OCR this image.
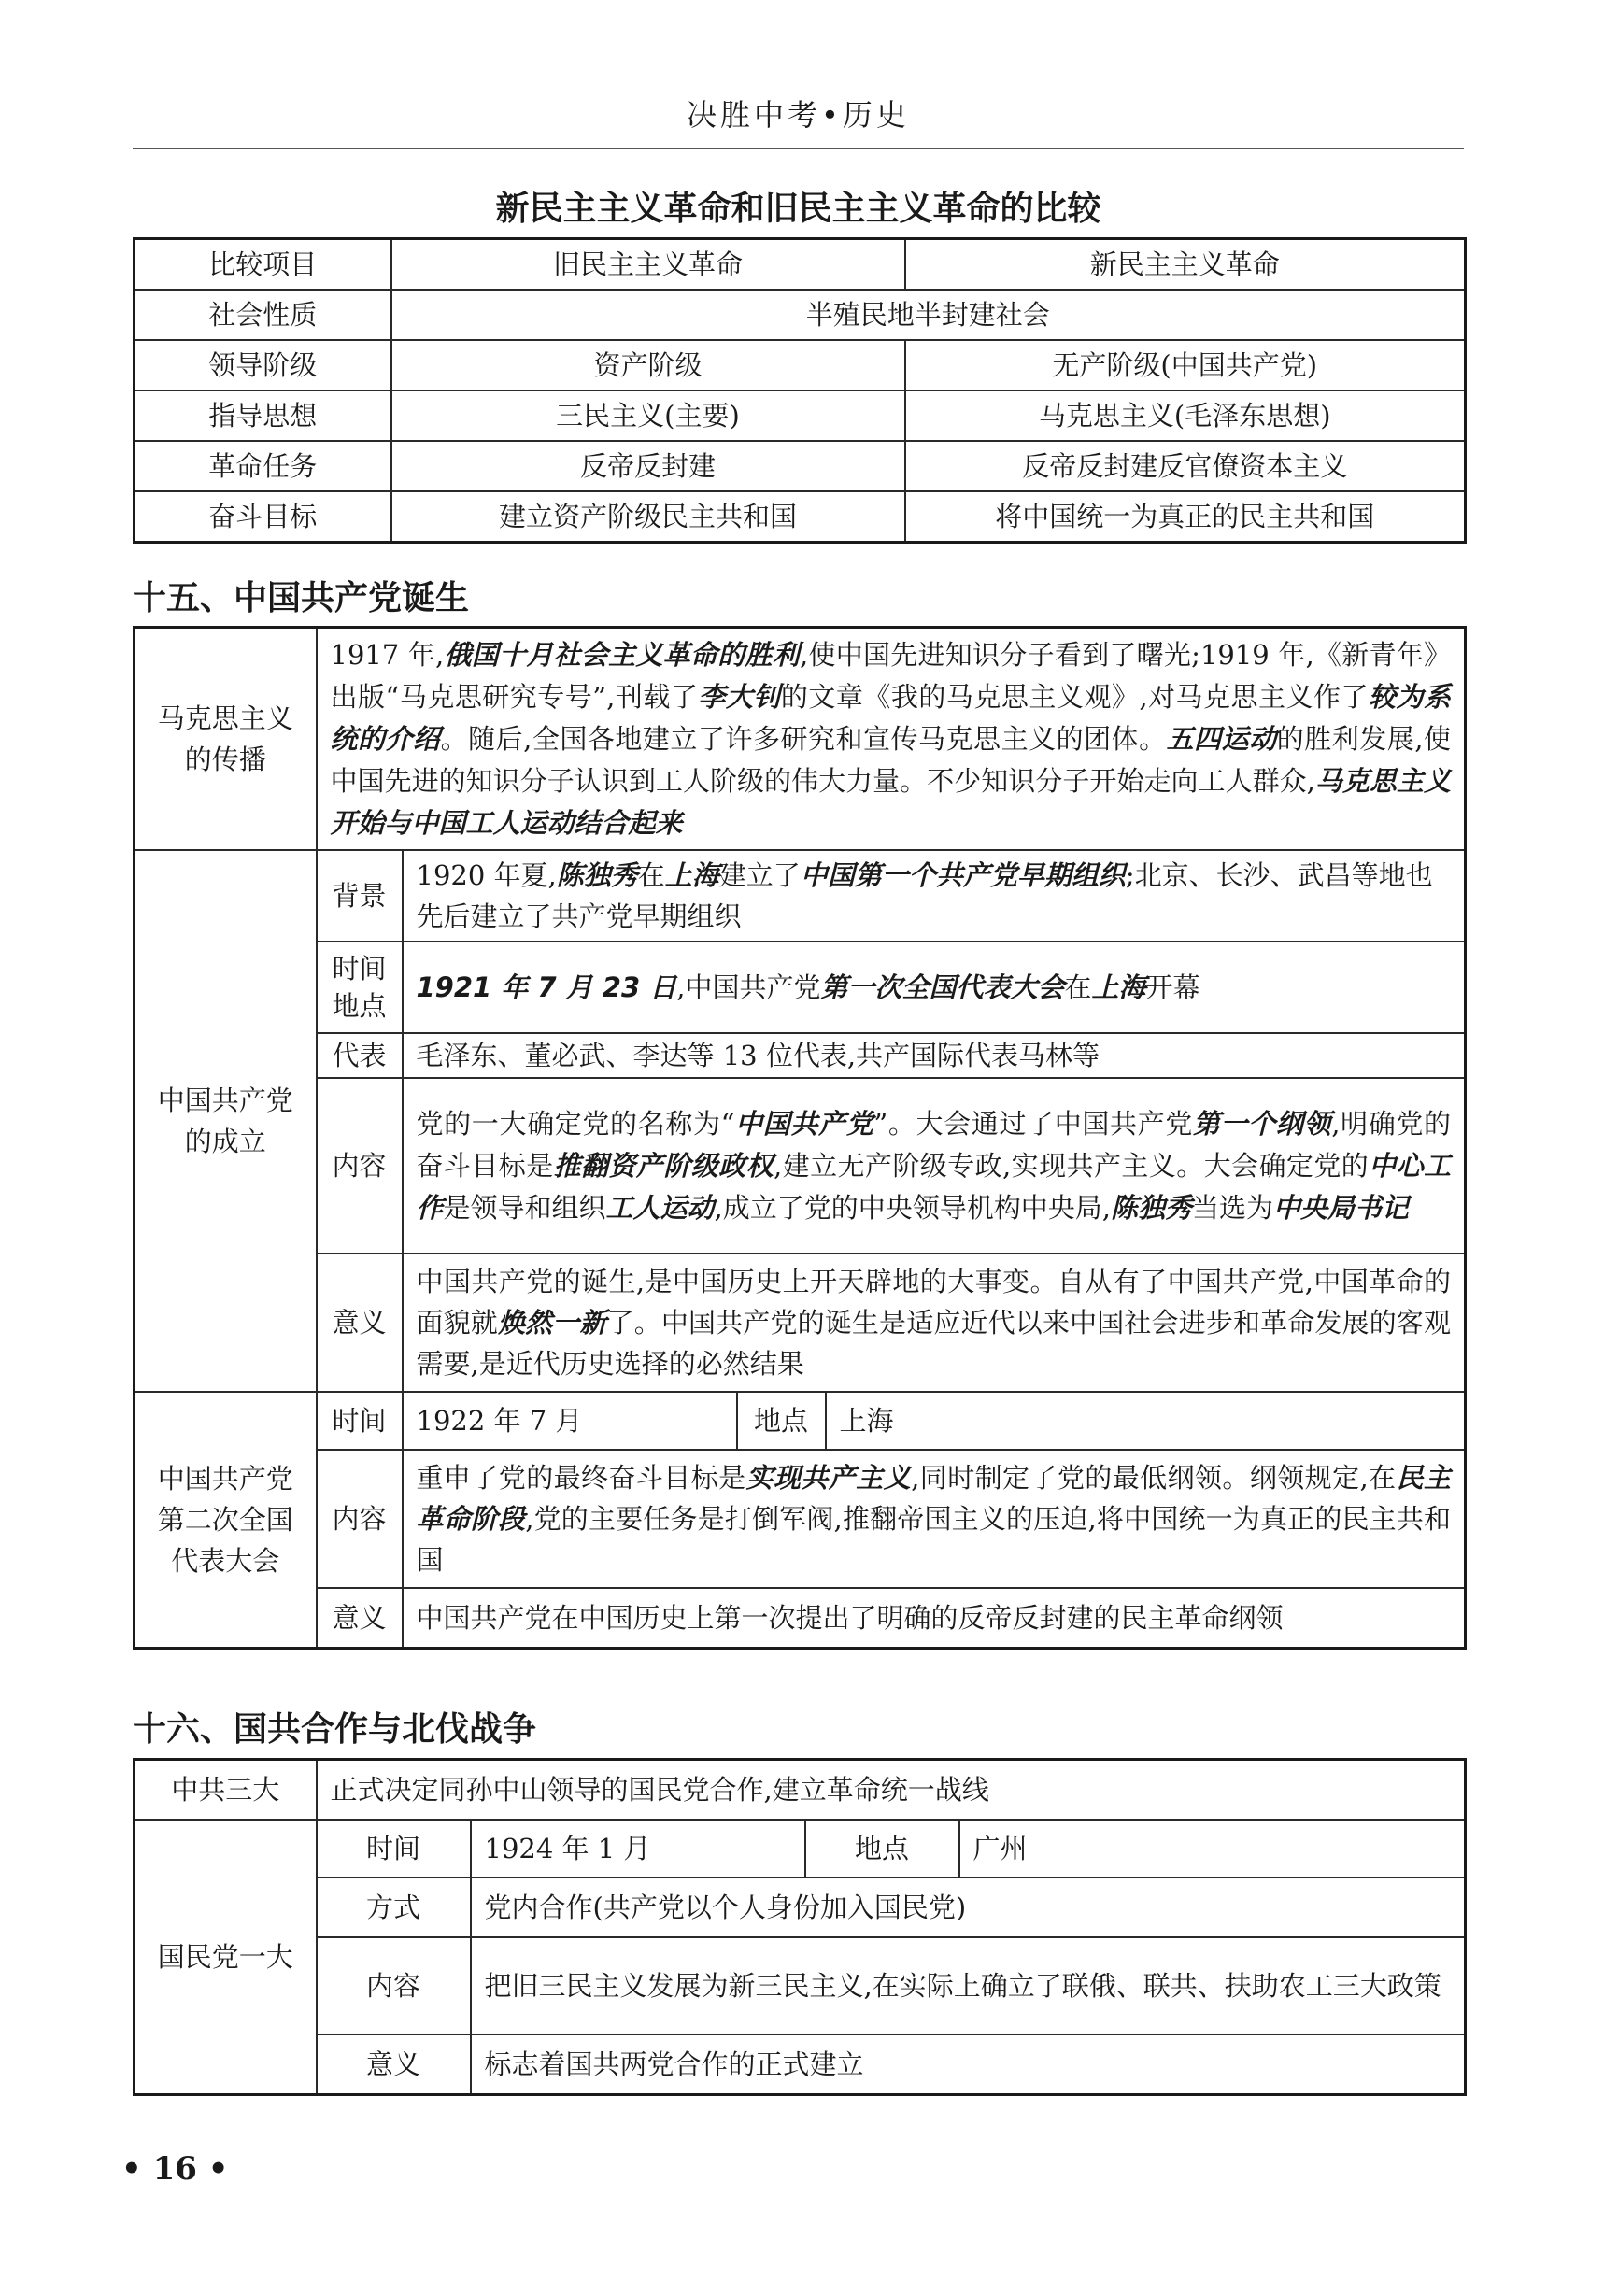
决胜中考•历史
新民主主义革命和旧民主主义革命的比较
比较项目	旧民主主义革命	新民主主义革命
社会性质	半殖民地半封建社会	
领导阶级	资产阶级	无产阶级(中国共产党)
指导思想	三民主义(主要)	马克思主义(毛泽东思想)
革命任务	反帝反封建	反帝反封建反官僚资本主义
奋斗目标	建立资产阶级民主共和国	将中国统一为真正的民主共和国
十五、中国共产党诞生
马克思主义的传播	1917 年,俄国十月社会主义革命的胜利,使中国先进知识分子看到了曙光;1919 年,《新青年》出版“马克思研究专号”,刊载了李大钊的文章《我的马克思主义观》,对马克思主义作了较为系统的介绍。随后,全国各地建立了许多研究和宣传马克思主义的团体。五四运动的胜利发展,使中国先进的知识分子认识到工人阶级的伟大力量。不少知识分子开始走向工人群众,马克思主义开始与中国工人运动结合起来			
中国共产党的成立	背景	1920 年夏,陈独秀在上海建立了中国第一个共产党早期组织;北京、长沙、武昌等地也先后建立了共产党早期组织		
	时间地点	1921 年 7 月 23 日,中国共产党第一次全国代表大会在上海开幕		
	代表	毛泽东、董必武、李达等 13 位代表,共产国际代表马林等		
	内容	党的一大确定党的名称为“中国共产党”。大会通过了中国共产党第一个纲领,明确党的奋斗目标是推翻资产阶级政权,建立无产阶级专政,实现共产主义。大会确定党的中心工作是领导和组织工人运动,成立了党的中央领导机构中央局,陈独秀当选为中央局书记		
	意义	中国共产党的诞生,是中国历史上开天辟地的大事变。自从有了中国共产党,中国革命的面貌就焕然一新了。中国共产党的诞生是适应近代以来中国社会进步和革命发展的客观需要,是近代历史选择的必然结果		
中国共产党第二次全国代表大会	时间	1922 年 7 月	地点	上海
	内容	重申了党的最终奋斗目标是实现共产主义,同时制定了党的最低纲领。纲领规定,在民主革命阶段,党的主要任务是打倒军阀,推翻帝国主义的压迫,将中国统一为真正的民主共和国		
	意义	中国共产党在中国历史上第一次提出了明确的反帝反封建的民主革命纲领		
十六、国共合作与北伐战争
中共三大	正式决定同孙中山领导的国民党合作,建立革命统一战线			
国民党一大	时间	1924 年 1 月	地点	广州
	方式	党内合作(共产党以个人身份加入国民党)		
	内容	把旧三民主义发展为新三民主义,在实际上确立了联俄、联共、扶助农工三大政策		
	意义	标志着国共两党合作的正式建立		
• 16 •
